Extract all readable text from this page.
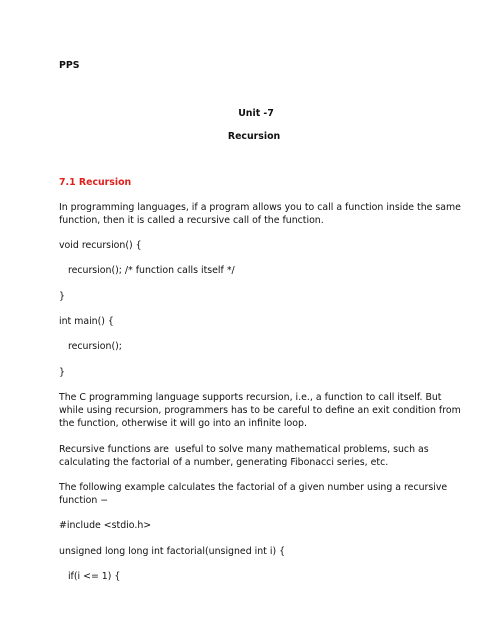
PPS

Unit -7

Recursion

7.1 Recursion
In programming languages, if a program allows you to call a function inside the same
function, then it is called a recursive call of the function.
void recursion() {
recursion(); /* function calls itself */
}
int main() {
recursion();
}
The C programming language supports recursion, i.e., a function to call itself. But
while using recursion, programmers has to be careful to define an exit condition from
the function, otherwise it will go into an infinite loop.
Recursive functions are  useful to solve many mathematical problems, such as
calculating the factorial of a number, generating Fibonacci series, etc.
The following example calculates the factorial of a given number using a recursive
function −
#include <stdio.h>
unsigned long long int factorial(unsigned int i) {
if(i <= 1) {
